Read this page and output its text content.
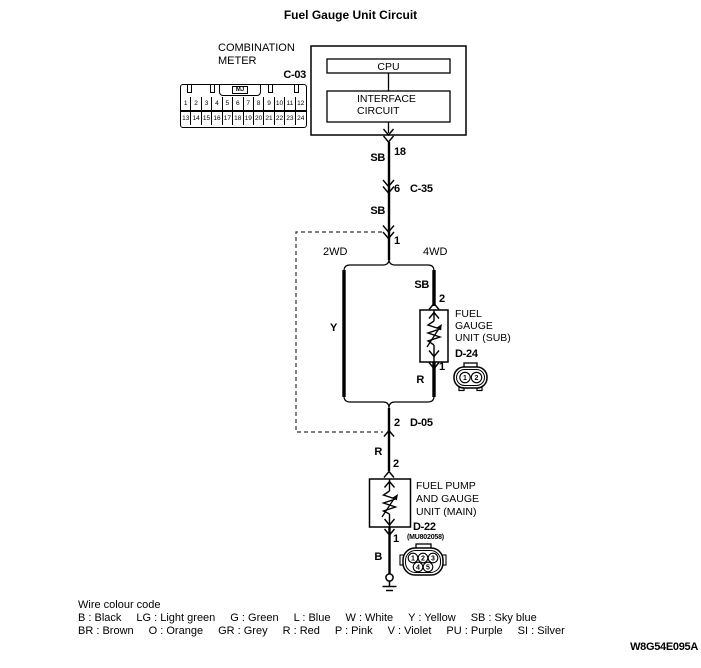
1 2
1 2 3
4 5
Fuel Gauge Unit Circuit
COMBINATION
METER
C-03
MJ
1	2	3	4	5	6	7	8	9 10 11 12
13 14 15 16 17 18 19 20 21 22 23 24
CPU
INTERFACE
CIRCUIT
18
SB
6 C-35
SB
1
2WD	4WD
Y
SB
2
FUEL
GAUGE
UNIT (SUB)
D-24
1
R
2 D-05
R
2
FUEL PUMP
AND GAUGE
UNIT (MAIN)
D-22
1 (MU802058)
B
Wire colour code
B : Black LG : Light green G : Green L : Blue W : White Y : Yellow SB : Sky blue
BR : Brown O : Orange GR : Grey R : Red P : Pink V : Violet PU : Purple SI : Silver
W8G54E095A
